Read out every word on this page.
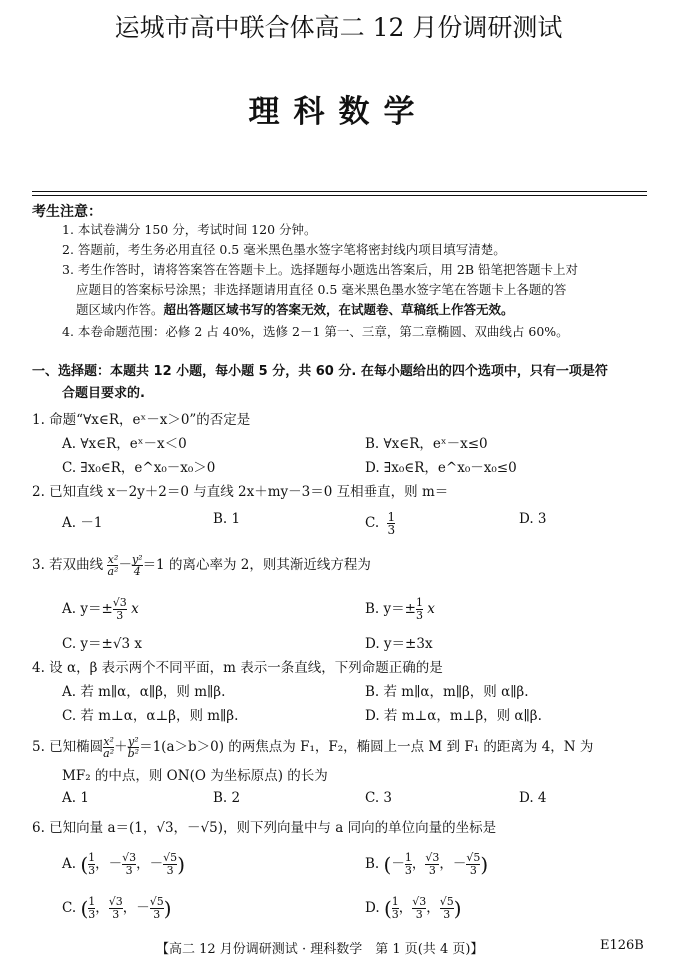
运城市高中联合体高二 12 月份调研测试
理科数学
考生注意：
1. 本试卷满分 150 分，考试时间 120 分钟。
2. 答题前，考生务必用直径 0.5 毫米黑色墨水签字笔将密封线内项目填写清楚。
3. 考生作答时，请将答案答在答题卡上。选择题每小题选出答案后，用 2B 铅笔把答题卡上对
应题目的答案标号涂黑；非选择题请用直径 0.5 毫米黑色墨水签字笔在答题卡上各题的答
题区域内作答。超出答题区域书写的答案无效，在试题卷、草稿纸上作答无效。
4. 本卷命题范围：必修 2 占 40%，选修 2－1 第一、三章，第二章椭圆、双曲线占 60%。
一、选择题：本题共 12 小题，每小题 5 分，共 60 分. 在每小题给出的四个选项中，只有一项是符
合题目要求的.
1. 命题“∀x∈R，eˣ－x＞0”的否定是
A. ∀x∈R，eˣ－x＜0	B. ∀x∈R，eˣ－x≤0
C. ∃x₀∈R，e^x₀－x₀＞0	D. ∃x₀∈R，e^x₀－x₀≤0
2. 已知直线 x－2y＋2＝0 与直线 2x＋my－3＝0 互相垂直，则 m＝
A. －1	B. 1	C. $\frac{1}{3}$	D. 3
3. 若双曲线 $\frac{\text{x²}}{\text{a²}} - \frac{\text{y²}}{4} =1$ 的离心率为 2，则其渐近线方程为
A. $y=\pm \frac{√3}{3}$ x	B. $y=\pm \frac{1}{3}$ x
C. y＝±√3 x	D. y＝±3x
4. 设 α，β 表示两个不同平面，m 表示一条直线，下列命题正确的是
A. 若 m∥α，α∥β，则 m∥β.	B. 若 m∥α，m∥β，则 α∥β.
C. 若 m⊥α，α⊥β，则 m∥β.	D. 若 m⊥α，m⊥β，则 α∥β.
5. 已知椭圆 $\frac{\text{x²}}{\text{a²}} + \frac{\text{y²}}{\text{b²}} =1(a>b>0)$ 的两焦点为 F₁，F₂，椭圆上一点 M 到 F₁ 的距离为 4，N 为
MF₂ 的中点，则 ON(O 为坐标原点) 的长为
A. 1	B. 2	C. 3	D. 4
6. 已知向量 a＝(1，√3，－√5)，则下列向量中与 a 同向的单位向量的坐标是
A. ( $\frac{1}{3}$ ，－ $\frac{√3}{3}$ ，－ $\frac{√5}{3}$ )	B. (－ $\frac{1}{3}$ ， $\frac{√3}{3}$ ，－ $\frac{√5}{3}$ )
C. ( $\frac{1}{3}$ ， $\frac{√3}{3}$ ，－ $\frac{√5}{3}$ )	D. ( $\frac{1}{3}$ ， $\frac{√3}{3}$ ， $\frac{√5}{3}$ )
【高二 12 月份调研测试 · 理科数学　第 1 页(共 4 页)】	E126B
